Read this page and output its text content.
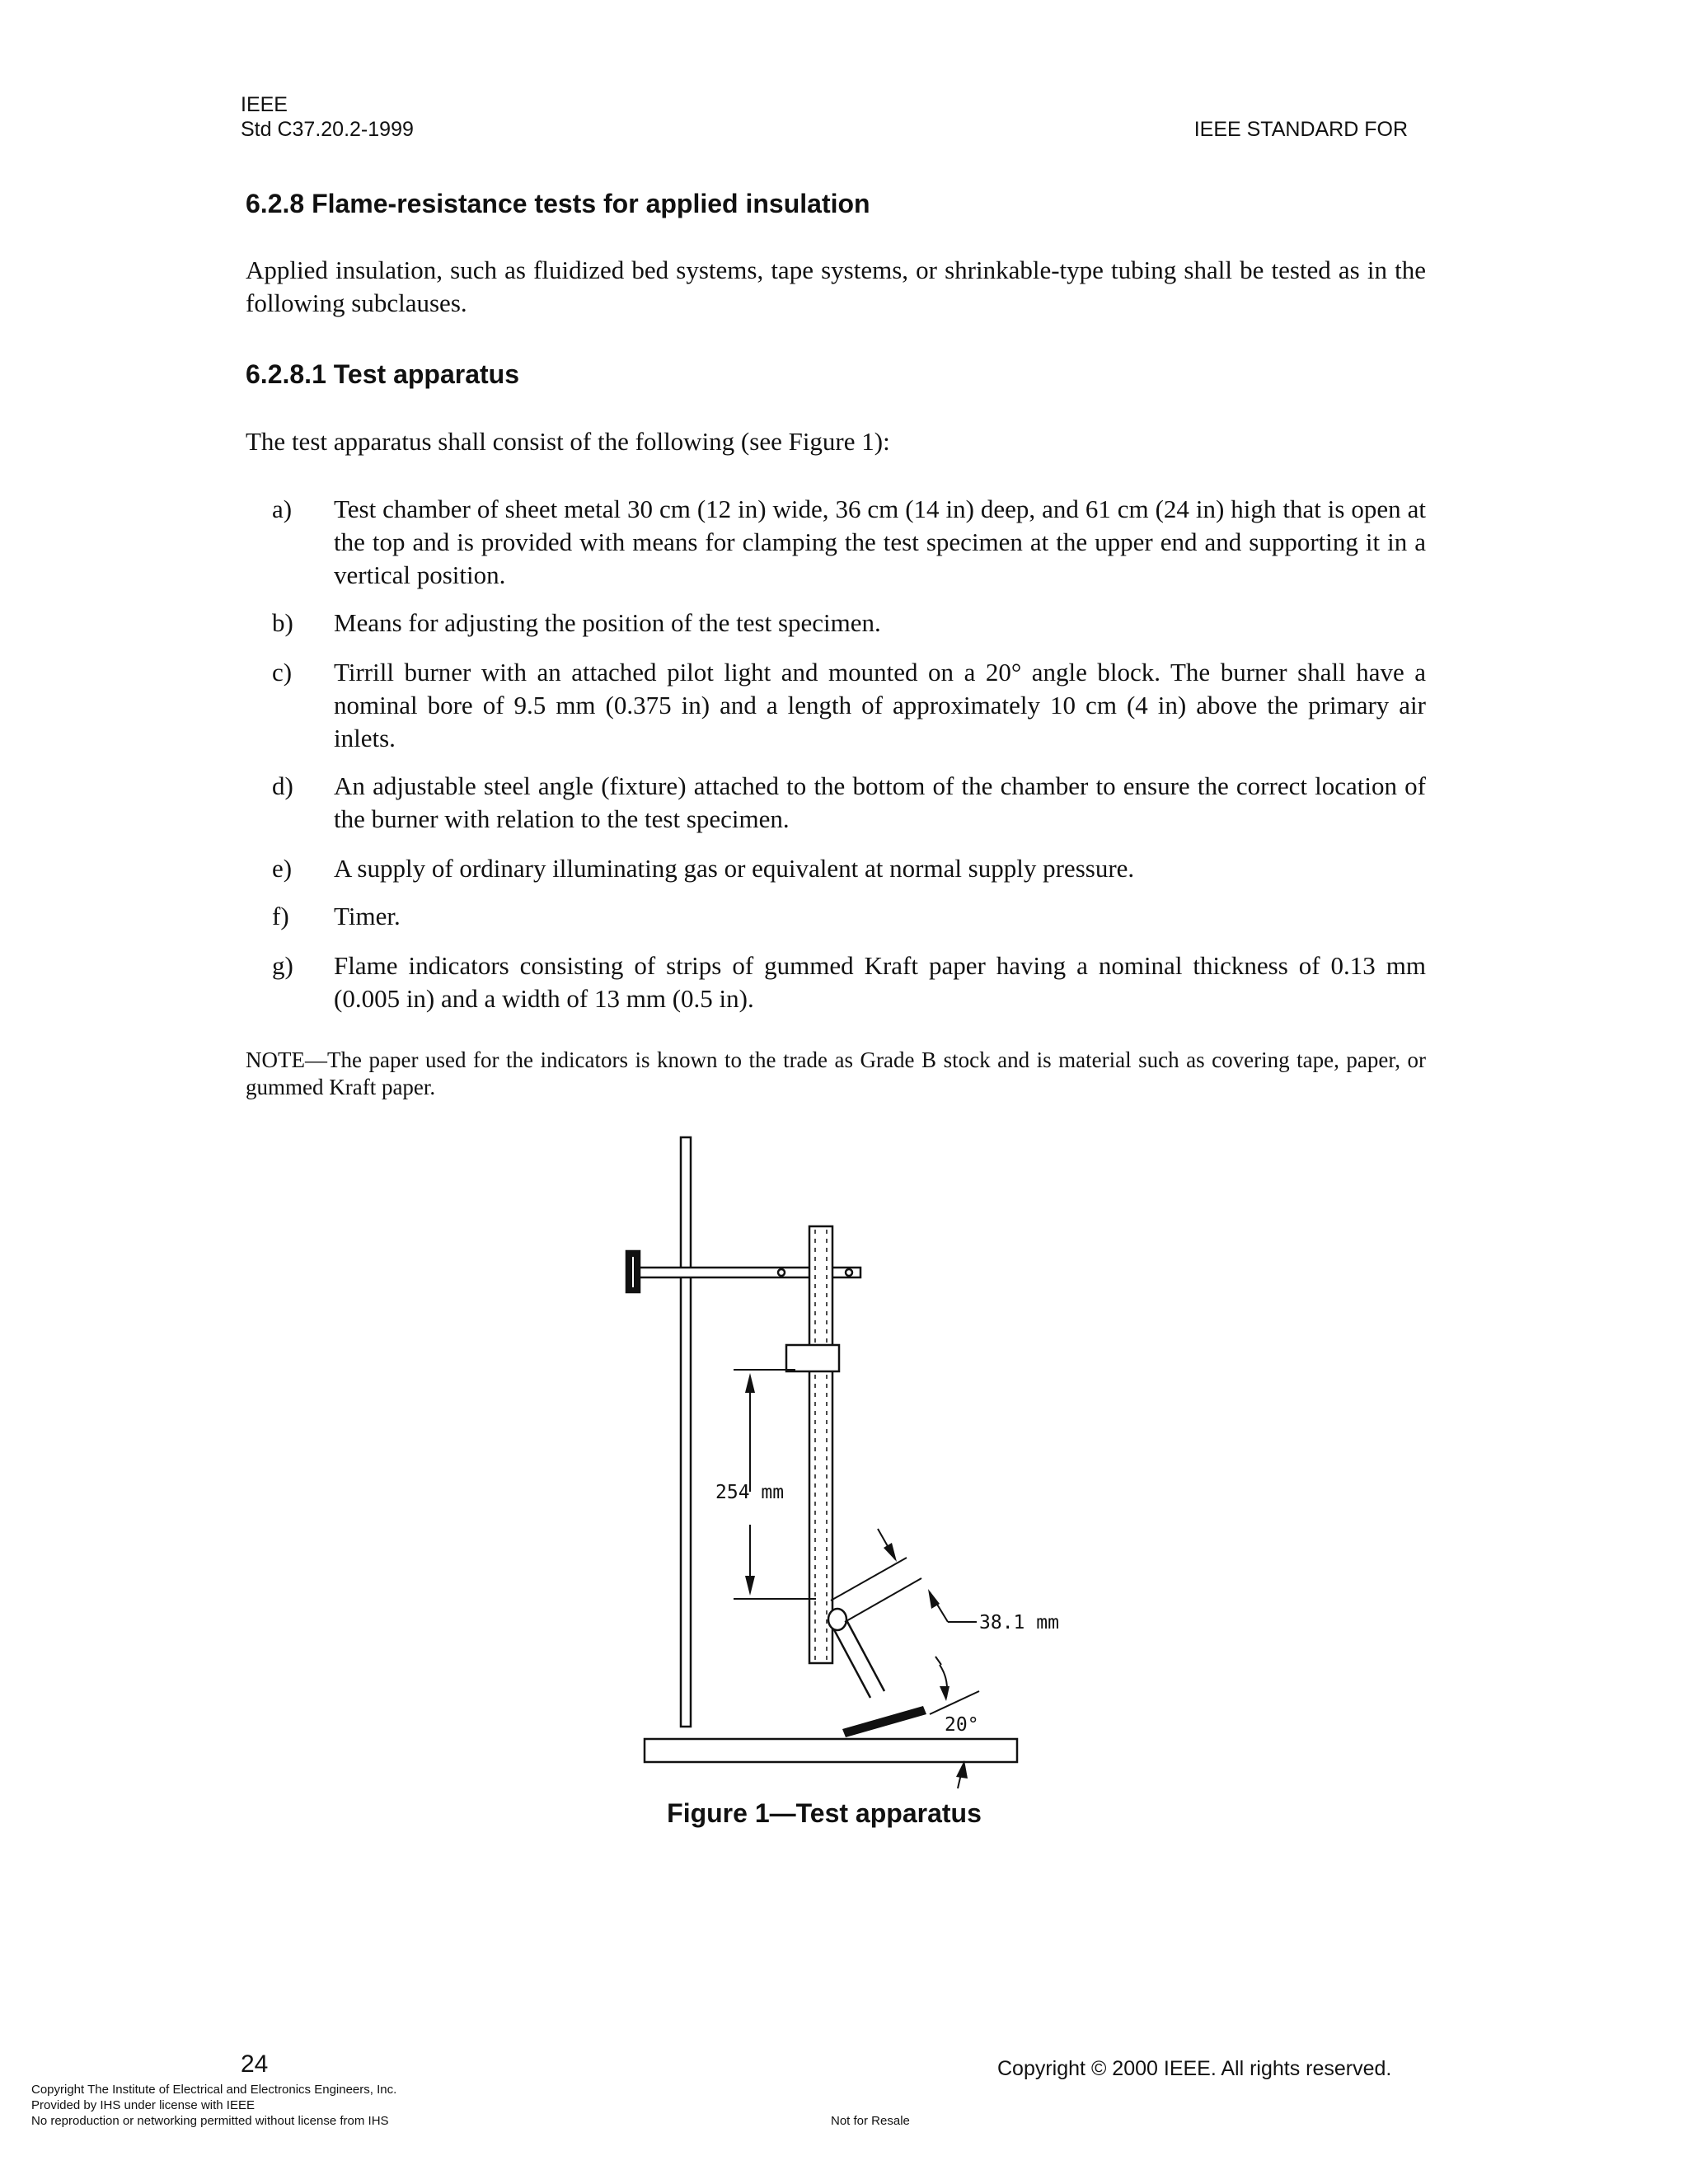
IEEE
Std C37.20.2-1999	IEEE STANDARD FOR
6.2.8 Flame-resistance tests for applied insulation
Applied insulation, such as fluidized bed systems, tape systems, or shrinkable-type tubing shall be tested as in the following subclauses.
6.2.8.1 Test apparatus
The test apparatus shall consist of the following (see Figure 1):
a) Test chamber of sheet metal 30 cm (12 in) wide, 36 cm (14 in) deep, and 61 cm (24 in) high that is open at the top and is provided with means for clamping the test specimen at the upper end and supporting it in a vertical position.
b) Means for adjusting the position of the test specimen.
c) Tirrill burner with an attached pilot light and mounted on a 20° angle block. The burner shall have a nominal bore of 9.5 mm (0.375 in) and a length of approximately 10 cm (4 in) above the primary air inlets.
d) An adjustable steel angle (fixture) attached to the bottom of the chamber to ensure the correct location of the burner with relation to the test specimen.
e) A supply of ordinary illuminating gas or equivalent at normal supply pressure.
f) Timer.
g) Flame indicators consisting of strips of gummed Kraft paper having a nominal thickness of 0.13 mm (0.005 in) and a width of 13 mm (0.5 in).
NOTE—The paper used for the indicators is known to the trade as Grade B stock and is material such as covering tape, paper, or gummed Kraft paper.
254 mm
38.1 mm
20°
Figure 1—Test apparatus
24	Copyright © 2000 IEEE. All rights reserved.
Copyright The Institute of Electrical and Electronics Engineers, Inc.
Provided by IHS under license with IEEE
No reproduction or networking permitted without license from IHS	Not for Resale
